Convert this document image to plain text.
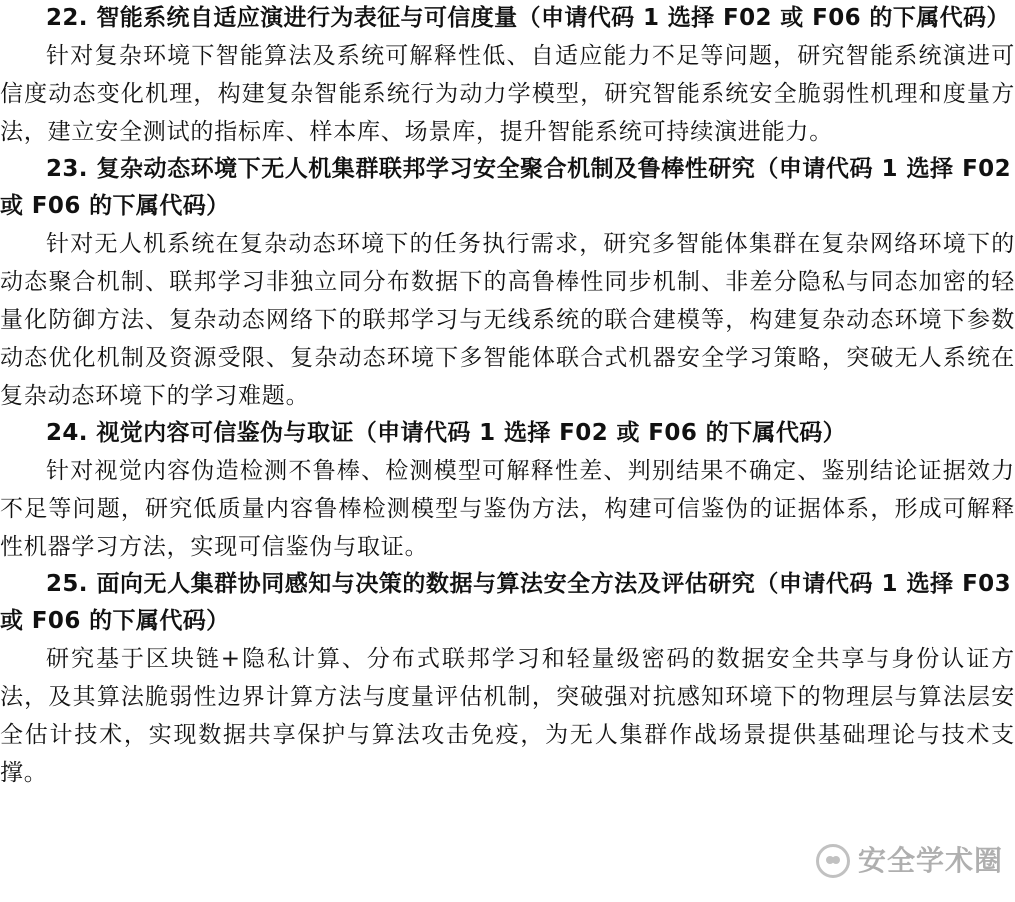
22. 智能系统自适应演进行为表征与可信度量（申请代码 1 选择 F02 或 F06 的下属代码）

针对复杂环境下智能算法及系统可解释性低、自适应能力不足等问题，研究智能系统演进可信度动态变化机理，构建复杂智能系统行为动力学模型，研究智能系统安全脆弱性机理和度量方法，建立安全测试的指标库、样本库、场景库，提升智能系统可持续演进能力。

23. 复杂动态环境下无人机集群联邦学习安全聚合机制及鲁棒性研究（申请代码 1 选择 F02 或 F06 的下属代码）

针对无人机系统在复杂动态环境下的任务执行需求，研究多智能体集群在复杂网络环境下的动态聚合机制、联邦学习非独立同分布数据下的高鲁棒性同步机制、非差分隐私与同态加密的轻量化防御方法、复杂动态网络下的联邦学习与无线系统的联合建模等，构建复杂动态环境下参数动态优化机制及资源受限、复杂动态环境下多智能体联合式机器安全学习策略，突破无人系统在复杂动态环境下的学习难题。

24. 视觉内容可信鉴伪与取证（申请代码 1 选择 F02 或 F06 的下属代码）

针对视觉内容伪造检测不鲁棒、检测模型可解释性差、判别结果不确定、鉴别结论证据效力不足等问题，研究低质量内容鲁棒检测模型与鉴伪方法，构建可信鉴伪的证据体系，形成可解释性机器学习方法，实现可信鉴伪与取证。

25. 面向无人集群协同感知与决策的数据与算法安全方法及评估研究（申请代码 1 选择 F03 或 F06 的下属代码）

研究基于区块链+隐私计算、分布式联邦学习和轻量级密码的数据安全共享与身份认证方法，及其算法脆弱性边界计算方法与度量评估机制，突破强对抗感知环境下的物理层与算法层安全估计技术，实现数据共享保护与算法攻击免疫，为无人集群作战场景提供基础理论与技术支撑。

安全学术圈
